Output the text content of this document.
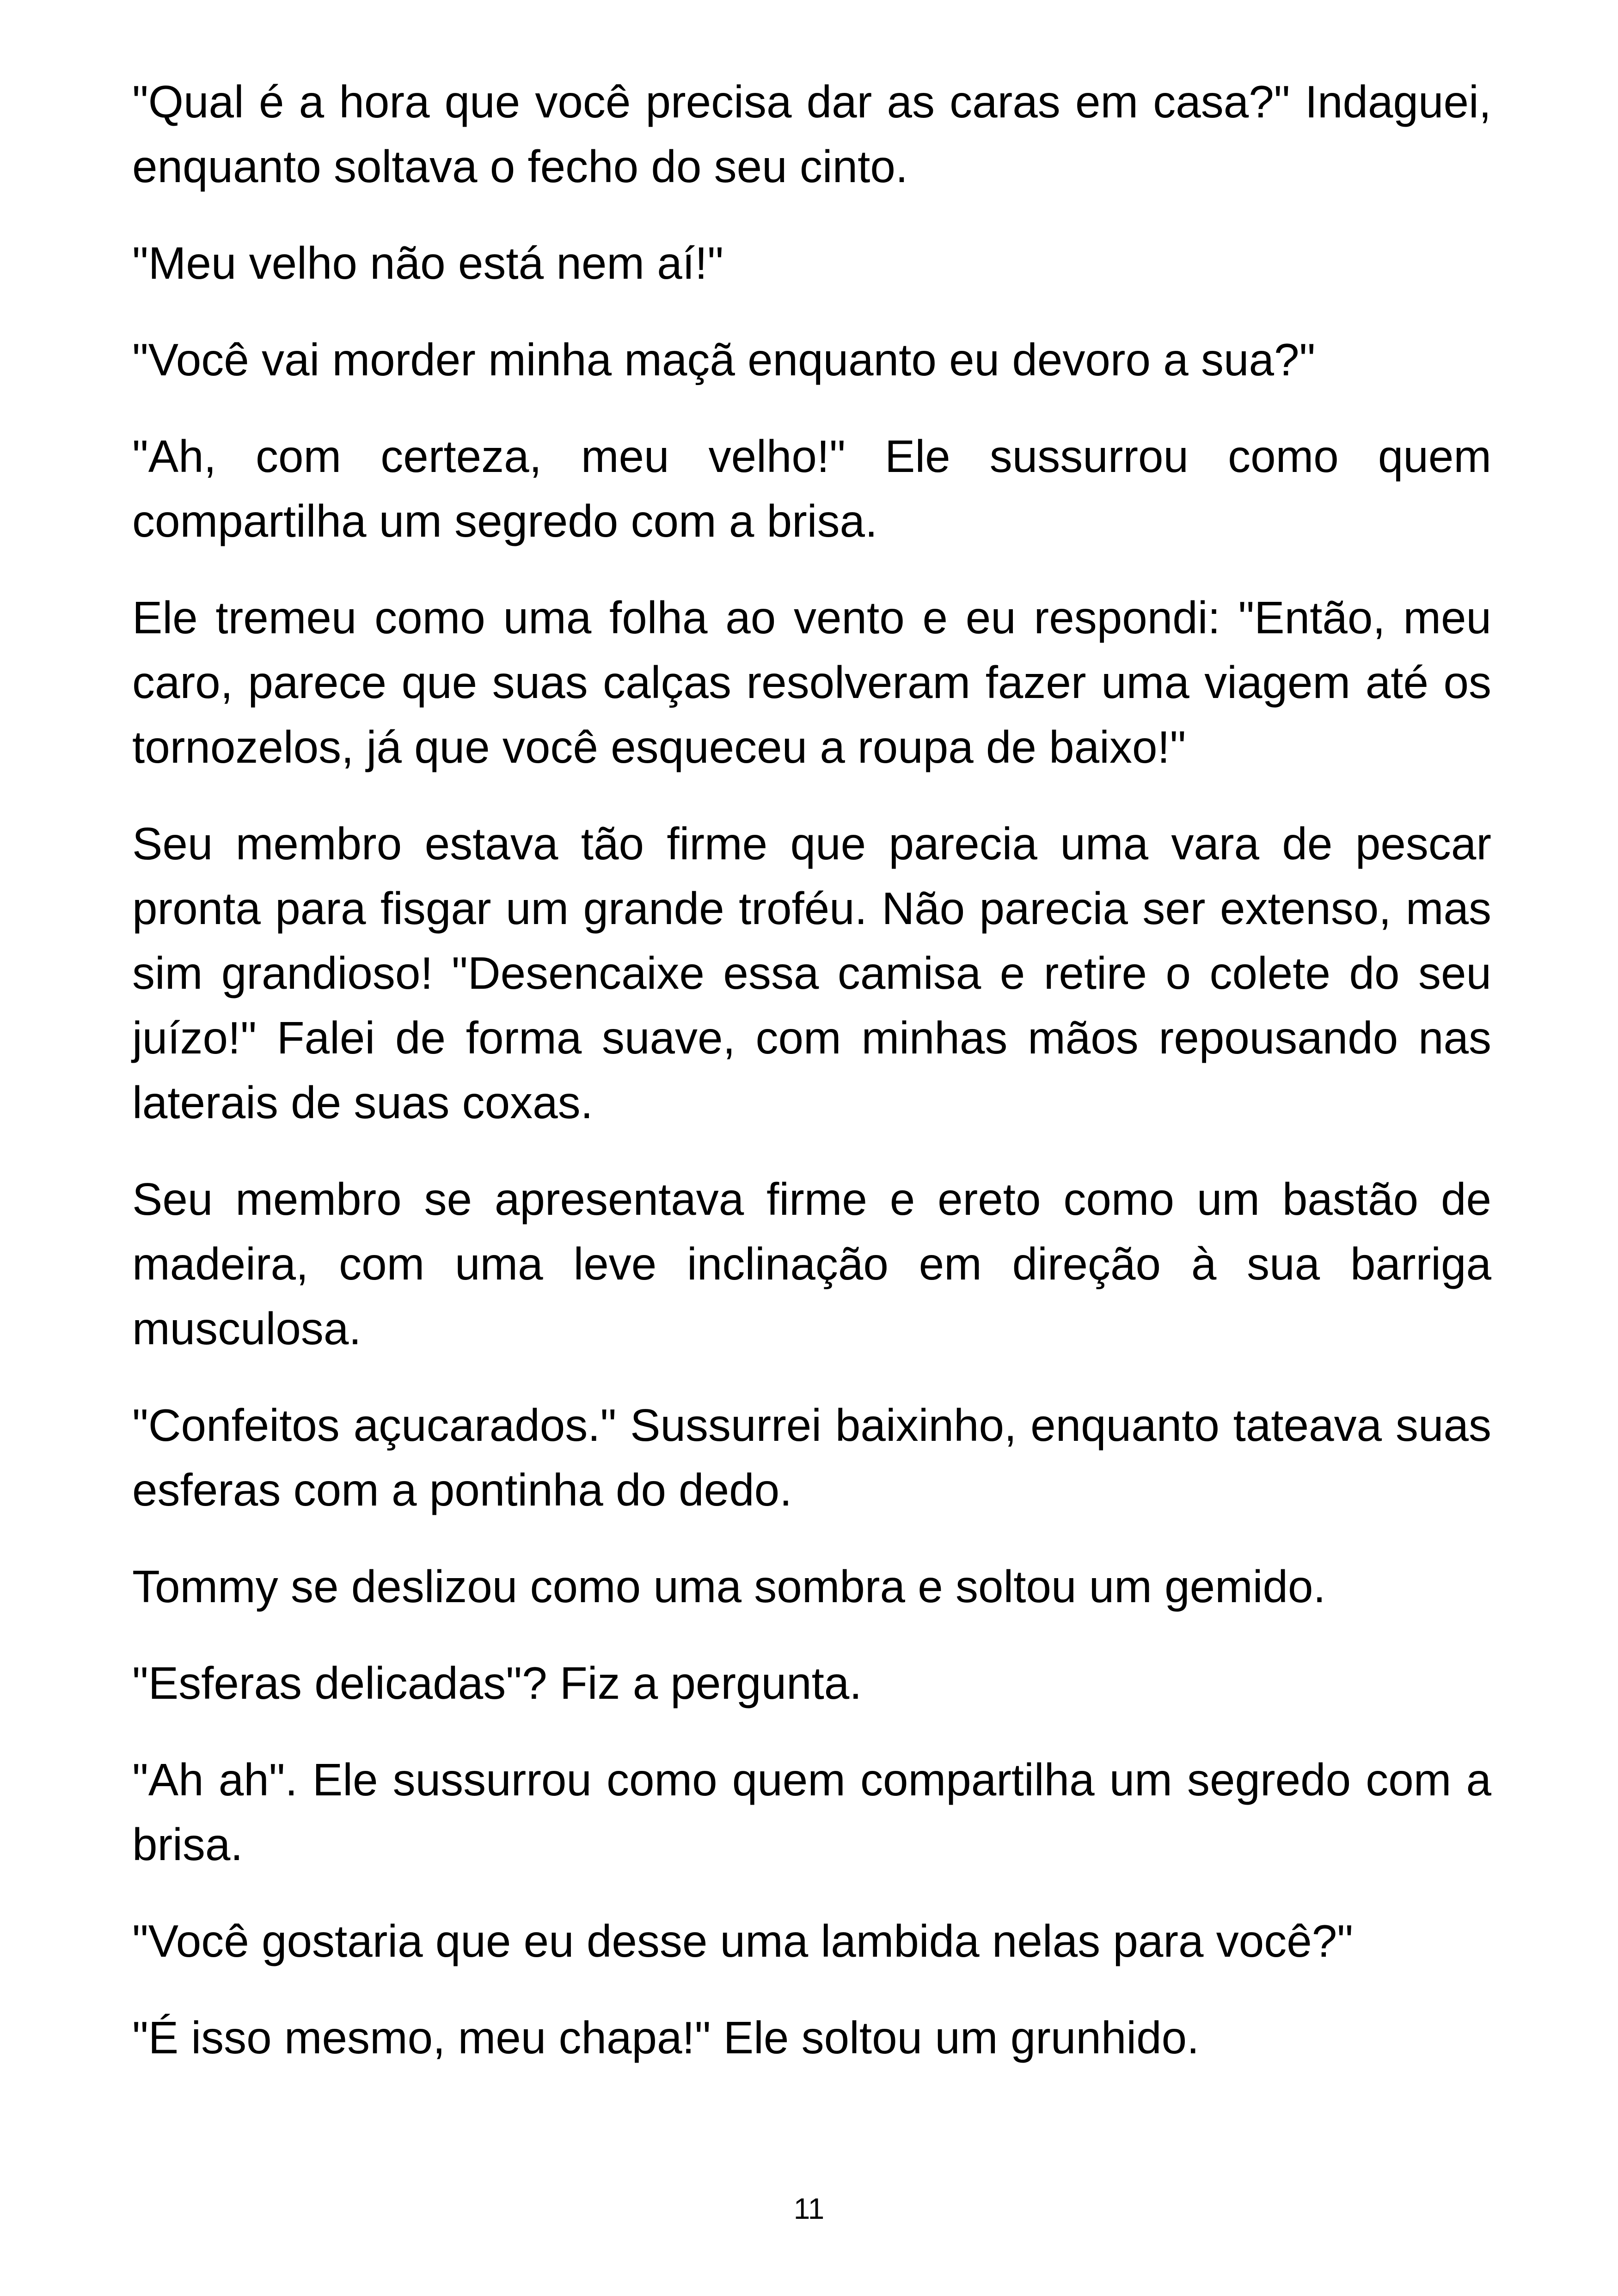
"Qual é a hora que você precisa dar as caras em casa?" Indaguei, enquanto soltava o fecho do seu cinto.

"Meu velho não está nem aí!"

"Você vai morder minha maçã enquanto eu devoro a sua?"

"Ah, com certeza, meu velho!" Ele sussurrou como quem compartilha um segredo com a brisa.

Ele tremeu como uma folha ao vento e eu respondi: "Então, meu caro, parece que suas calças resolveram fazer uma viagem até os tornozelos, já que você esqueceu a roupa de baixo!"

Seu membro estava tão firme que parecia uma vara de pescar pronta para fisgar um grande troféu. Não parecia ser extenso, mas sim grandioso! "Desencaixe essa camisa e retire o colete do seu juízo!" Falei de forma suave, com minhas mãos repousando nas laterais de suas coxas.

Seu membro se apresentava firme e ereto como um bastão de madeira, com uma leve inclinação em direção à sua barriga musculosa.

"Confeitos açucarados." Sussurrei baixinho, enquanto tateava suas esferas com a pontinha do dedo.

Tommy se deslizou como uma sombra e soltou um gemido.

"Esferas delicadas"? Fiz a pergunta.

"Ah ah". Ele sussurrou como quem compartilha um segredo com a brisa.

"Você gostaria que eu desse uma lambida nelas para você?"

"É isso mesmo, meu chapa!" Ele soltou um grunhido.

11
